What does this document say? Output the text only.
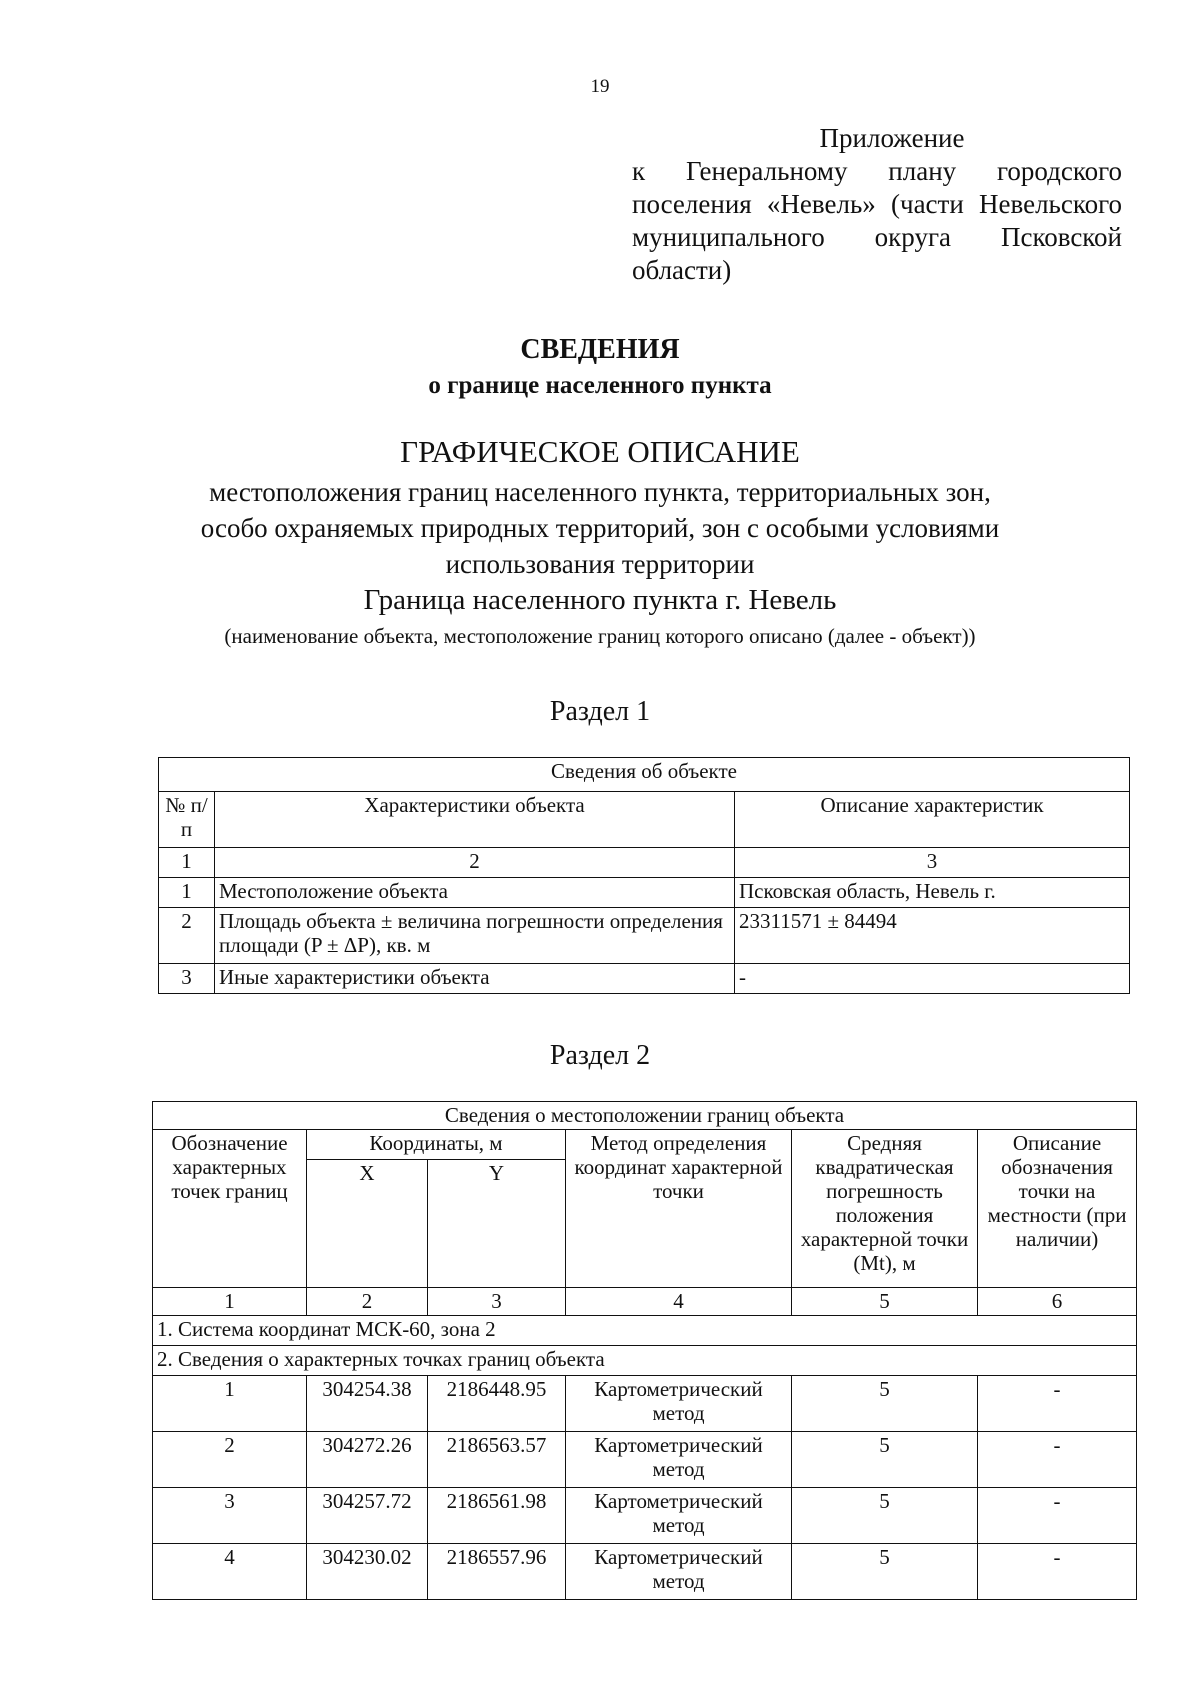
19
Приложение
к Генеральному плану городского поселения «Невель» (части Невельского муниципального округа Псковской области)
СВЕДЕНИЯ
о границе населенного пункта
ГРАФИЧЕСКОЕ ОПИСАНИЕ
местоположения границ населенного пункта, территориальных зон,
особо охраняемых природных территорий, зон с особыми условиями
использования территории
Граница населенного пункта г. Невель
(наименование объекта, местоположение границ которого описано (далее - объект))
Раздел 1
Сведения об объекте		
№ п/п	Характеристики объекта	Описание характеристик
1	2	3
1	Местоположение объекта	Псковская область, Невель г.
2	Площадь объекта ± величина погрешности определения площади (P ± ΔP), кв. м	23311571 ± 84494
3	Иные характеристики объекта	-
Раздел 2
Сведения о местоположении границ объекта					
Обозначение характерных точек границ	Координаты, м		Метод определения координат характерной точки	Средняя квадратическая погрешность положения характерной точки (Mt), м	Описание обозначения точки на местности (при наличии)
	X	Y			
1	2	3	4	5	6
1. Система координат МСК-60, зона 2					
2. Сведения о характерных точках границ объекта					
1	304254.38	2186448.95	Картометрический метод	5	-
2	304272.26	2186563.57	Картометрический метод	5	-
3	304257.72	2186561.98	Картометрический метод	5	-
4	304230.02	2186557.96	Картометрический метод	5	-
